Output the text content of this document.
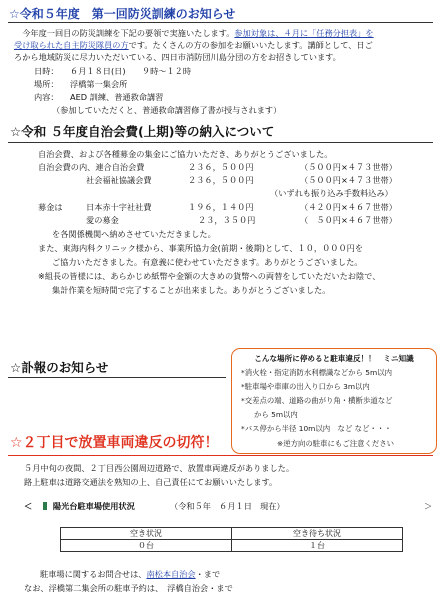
☆令和５年度　第一回防災訓練のお知らせ
　今年度一回目の防災訓練を下記の要領で実施いたします。参加対象は、４月に「任務分担表」を
受け取られた自主防災隊員の方です。たくさんの方の参加をお願いいたします。講師として、日ご
ろから地域防災に尽力いただいている、四日市消防団川島分団の方をお招きしています。
日時： ６月１８日(日)　　９時～１２時
場所： 浮橋第一集会所
内容： AED 訓練、普通救命講習
（参加していただくと、普通救命講習修了書が授与されます）
☆令和 ５年度自治会費(上期)等の納入について
自治会費、および各種募金の集金にご協力いただき、ありがとうございました。
自治会費の内、連合自治会費	２３６，５００円	（５００円×４７３世帯）
社会福祉協議会費	２３６，５００円	（５００円×４７３世帯）
（いずれも振り込み手数料込み）
募金は	日本赤十字社社費	１９６，１４０円	（４２０円×４６７世帯）
愛の募金	２３，３５０円	（　５０円×４６７世帯）
を各関係機関へ納めさせていただきました。
また、東海内科クリニック様から、事業所協力金(前期・後期)として、１０，０００円を
ご協力いただきました。有意義に使わせていただきます。ありがとうございました。
※組長の皆様には、あらかじめ紙幣や金額の大きめの貨幣への両替をしていただいたお陰で、
集計作業を短時間で完了することが出来ました。ありがとうございました。
☆訃報のお知らせ
こんな場所に停めると駐車違反！！　ミニ知識
*消火栓・指定消防水利標識などから 5m以内
*駐車場や車庫の出入り口から 3m以内
*交差点の端、道路の曲がり角・横断歩道など
から 5m以内
*バス停から半径 10m以内　など など・・・
※逆方向の駐車にもご注意ください
☆２丁目で放置車両違反の切符！
５月中旬の夜間、２丁目西公園周辺道路で、放置車両違反がありました。
路上駐車は道路交通法を熟知の上、自己責任にてお願いいたします。
＜	陽光台駐車場使用状況	（令和５年　６月１日　現在）	＞
空き状況	空き待ち状況
０台	１台
駐車場に関するお問合せは、南松本自治会・まで
なお、浮橋第二集会所の駐車予約は、　浮橋自治会・まで
